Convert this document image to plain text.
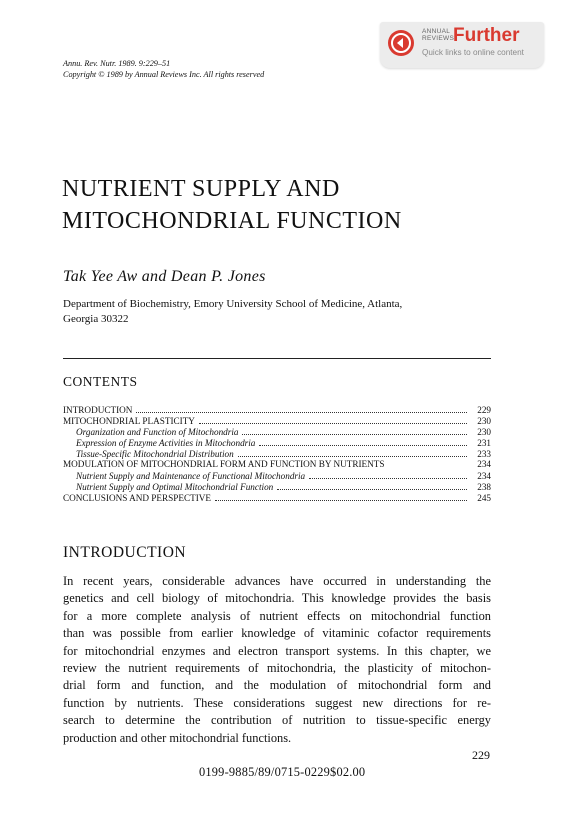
ANNUAL
REVIEWS
Further
Quick links to online content
Annu. Rev. Nutr. 1989. 9:229–51
Copyright © 1989 by Annual Reviews Inc. All rights reserved
NUTRIENT SUPPLY AND
MITOCHONDRIAL FUNCTION
Tak Yee Aw and Dean P. Jones
Department of Biochemistry, Emory University School of Medicine, Atlanta,
Georgia 30322
CONTENTS
INTRODUCTION	229
MITOCHONDRIAL PLASTICITY	230
Organization and Function of Mitochondria	230
Expression of Enzyme Activities in Mitochondria	231
Tissue-Specific Mitochondrial Distribution	233
MODULATION OF MITOCHONDRIAL FORM AND FUNCTION BY NUTRIENTS	234
Nutrient Supply and Maintenance of Functional Mitochondria	234
Nutrient Supply and Optimal Mitochondrial Function	238
CONCLUSIONS AND PERSPECTIVE	245
INTRODUCTION
In recent years, considerable advances have occurred in understanding the
genetics and cell biology of mitochondria. This knowledge provides the basis
for a more complete analysis of nutrient effects on mitochondrial function
than was possible from earlier knowledge of vitaminic cofactor requirements
for mitochondrial enzymes and electron transport systems. In this chapter, we
review the nutrient requirements of mitochondria, the plasticity of mitochon-
drial form and function, and the modulation of mitochondrial form and
function by nutrients. These considerations suggest new directions for re-
search to determine the contribution of nutrition to tissue-specific energy
production and other mitochondrial functions.
229
0199-9885/89/0715-0229$02.00
